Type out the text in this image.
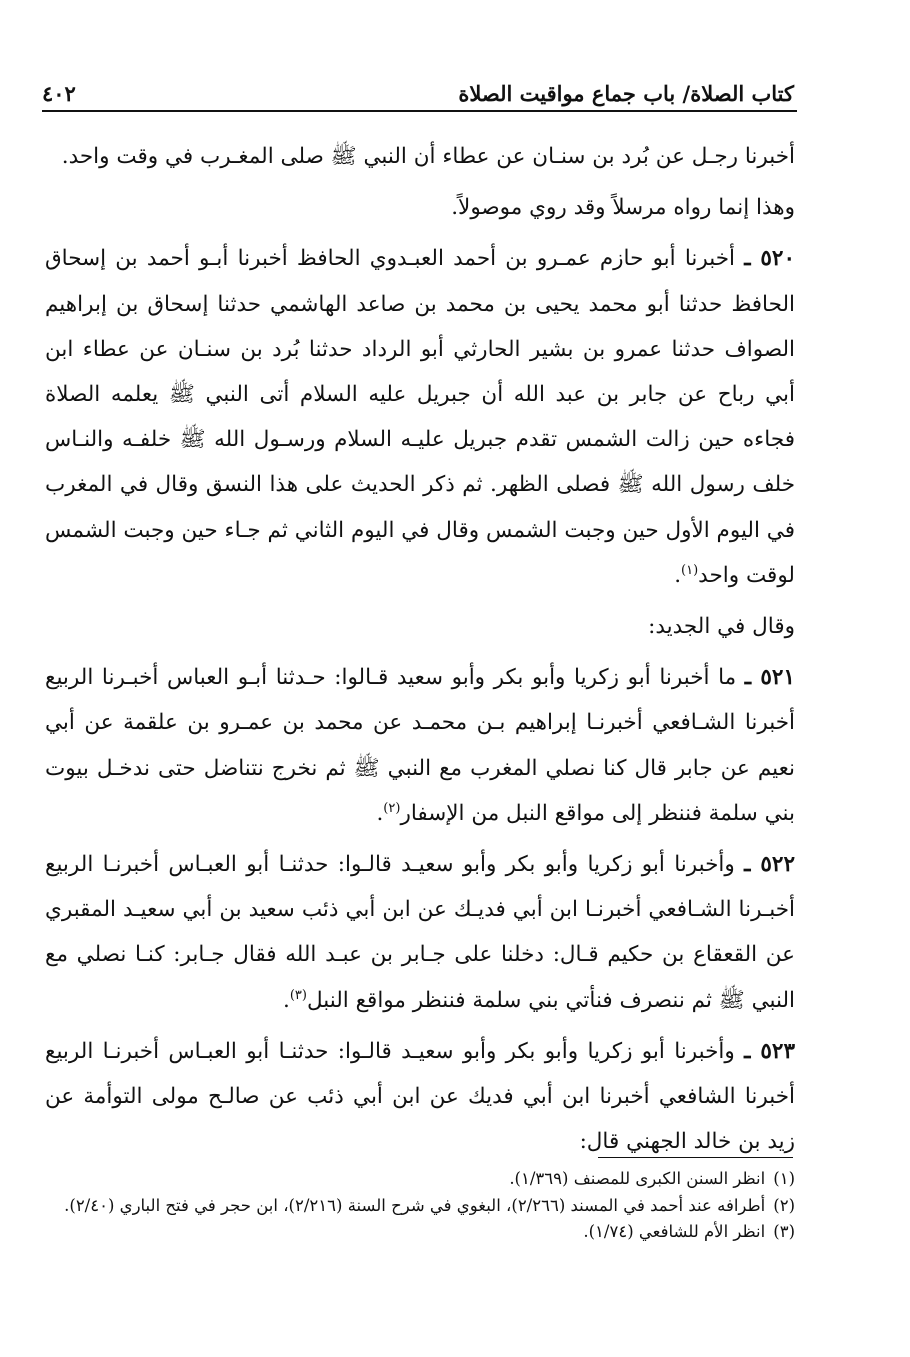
كتاب الصلاة/ باب جماع مواقيت الصلاة
٤٠٢

أخبرنا رجـل عن بُرد بن سنـان عن عطاء أن النبي ﷺ صلى المغـرب في وقت واحد.

وهذا إنما رواه مرسلاً وقد روي موصولاً.

٥٢٠ ـ أخبرنا أبو حازم عمـرو بن أحمد العبـدوي الحافظ أخبرنا أبـو أحمد بن إسحاق الحافظ حدثنا أبو محمد يحيى بن محمد بن صاعد الهاشمي حدثنا إسحاق بن إبراهيم الصواف حدثنا عمرو بن بشير الحارثي أبو الرداد حدثنا بُرد بن سنـان عن عطاء ابن أبي رباح عن جابر بن عبد الله أن جبريل عليه السلام أتى النبي ﷺ يعلمه الصلاة فجاءه حين زالت الشمس تقدم جبريل عليـه السلام ورسـول الله ﷺ خلفـه والنـاس خلف رسول الله ﷺ فصلى الظهر. ثم ذكر الحديث على هذا النسق وقال في المغرب في اليوم الأول حين وجبت الشمس وقال في اليوم الثاني ثم جـاء حين وجبت الشمس لوقت واحد$^{(١)}$.

وقال في الجديد:

٥٢١ ـ ما أخبرنا أبو زكريا وأبو بكر وأبو سعيد قـالوا: حـدثنا أبـو العباس أخبـرنا الربيع أخبرنا الشـافعي أخبرنـا إبراهيم بـن محمـد عن محمد بن عمـرو بن علقمة عن أبي نعيم عن جابر قال كنا نصلي المغرب مع النبي ﷺ ثم نخرج نتناضل حتى ندخـل بيوت بني سلمة فننظر إلى مواقع النبل من الإسفار$^{(٢)}$.

٥٢٢ ـ وأخبرنا أبو زكريا وأبو بكر وأبو سعيـد قالـوا: حدثنـا أبو العبـاس أخبرنـا الربيع أخبـرنا الشـافعي أخبرنـا ابن أبي فديـك عن ابن أبي ذئب سعيد بن أبي سعيـد المقبري عن القعقاع بن حكيم قـال: دخلنا على جـابر بن عبـد الله فقال جـابر: كنـا نصلي مع النبي ﷺ ثم ننصرف فنأتي بني سلمة فننظر مواقع النبل$^{(٣)}$.

٥٢٣ ـ وأخبرنا أبو زكريا وأبو بكر وأبو سعيـد قالـوا: حدثنـا أبو العبـاس أخبرنـا الربيع أخبرنا الشافعي أخبرنا ابن أبي فديك عن ابن أبي ذئب عن صالـح مولى التوأمة عن زيد بن خالد الجهني قال:

(١)انظر السنن الكبرى للمصنف (١/٣٦٩).

(٢)أطرافه عند أحمد في المسند (٢/٢٦٦)، البغوي في شرح السنة (٢/٢١٦)، ابن حجر في فتح الباري (٢/٤٠).

(٣)انظر الأم للشافعي (١/٧٤).
